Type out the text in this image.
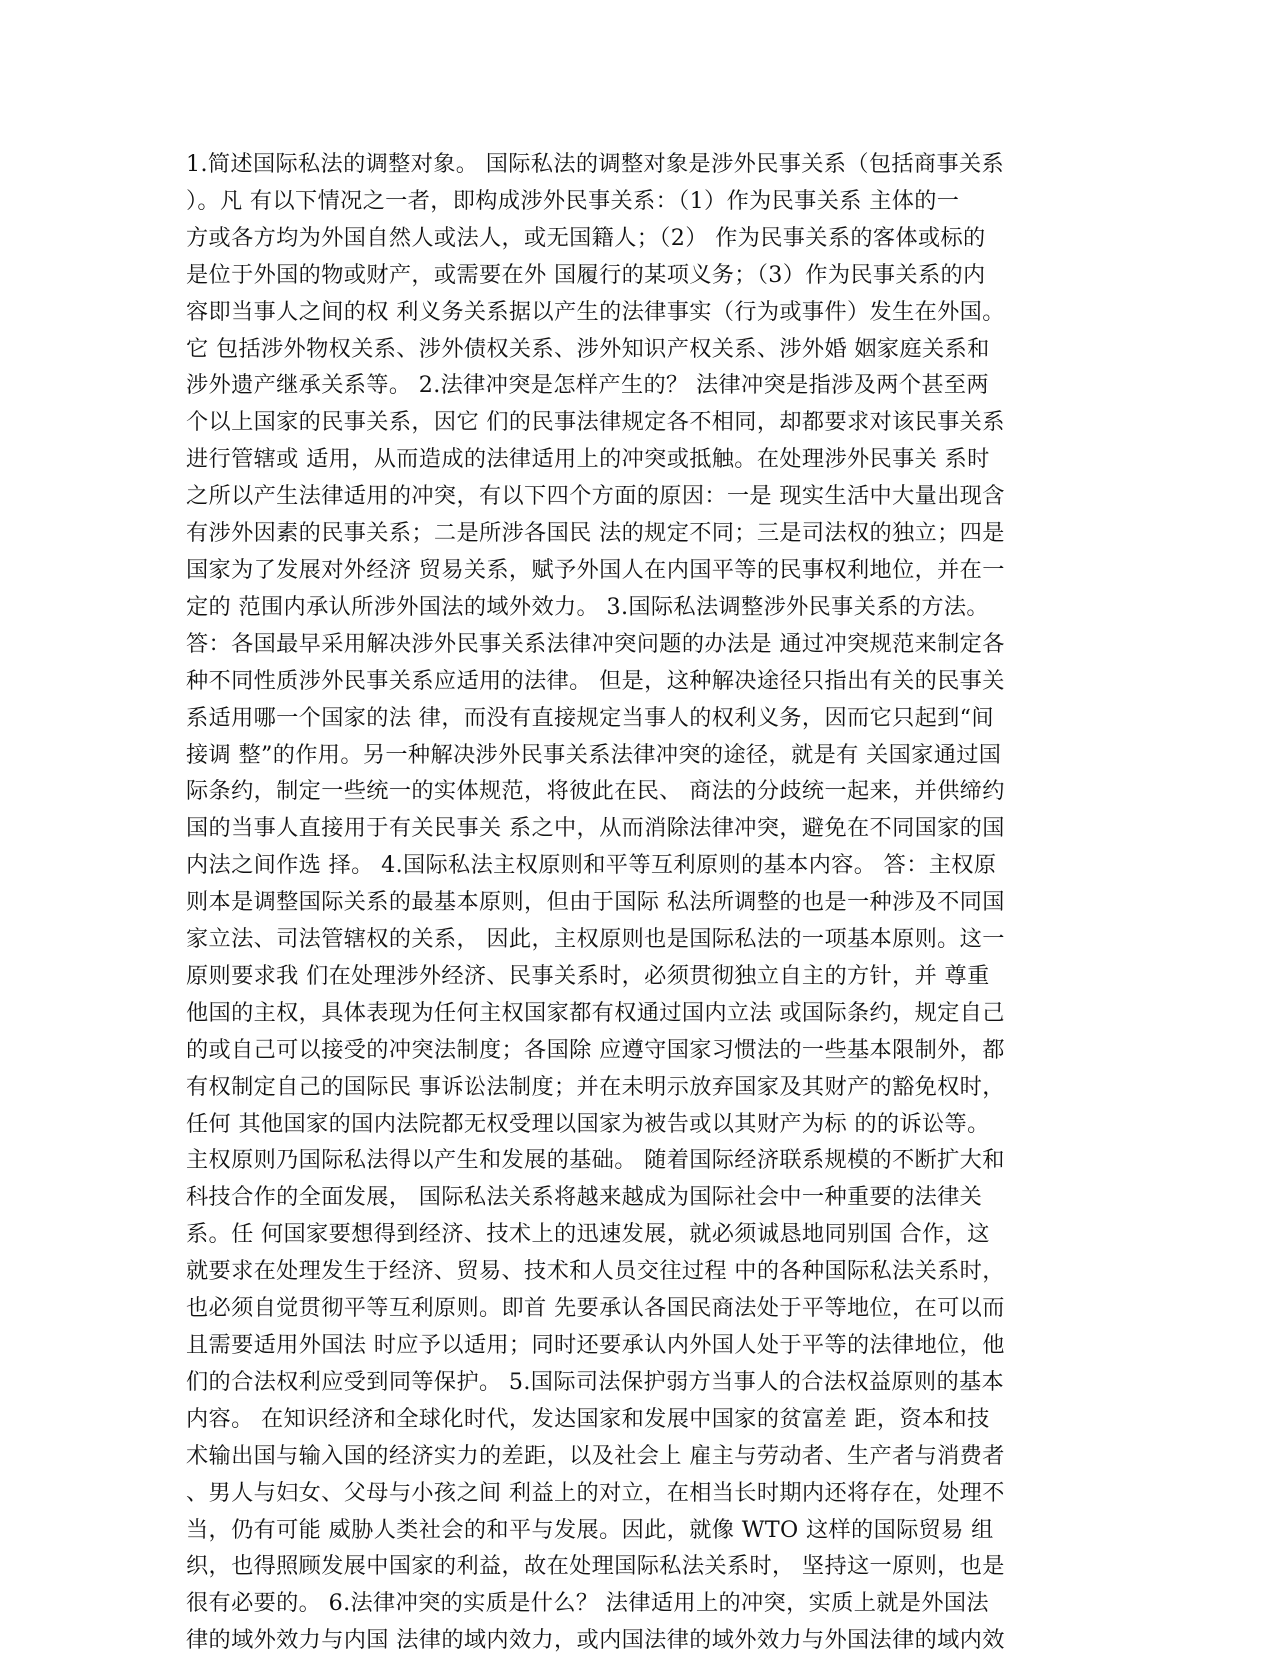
1.简述国际私法的调整对象。 国际私法的调整对象是涉外民事关系（包括商事关系
）。凡 有以下情况之一者，即构成涉外民事关系：（1）作为民事关系 主体的一
方或各方均为外国自然人或法人，或无国籍人；（2） 作为民事关系的客体或标的
是位于外国的物或财产，或需要在外 国履行的某项义务；（3）作为民事关系的内
容即当事人之间的权 利义务关系据以产生的法律事实（行为或事件）发生在外国。
它 包括涉外物权关系、涉外债权关系、涉外知识产权关系、涉外婚 姻家庭关系和
涉外遗产继承关系等。 2.法律冲突是怎样产生的？ 法律冲突是指涉及两个甚至两
个以上国家的民事关系，因它 们的民事法律规定各不相同，却都要求对该民事关系
进行管辖或 适用，从而造成的法律适用上的冲突或抵触。在处理涉外民事关 系时
之所以产生法律适用的冲突，有以下四个方面的原因：一是 现实生活中大量出现含
有涉外因素的民事关系；二是所涉各国民 法的规定不同；三是司法权的独立；四是
国家为了发展对外经济 贸易关系，赋予外国人在内国平等的民事权利地位，并在一
定的 范围内承认所涉外国法的域外效力。 3.国际私法调整涉外民事关系的方法。
答：各国最早采用解决涉外民事关系法律冲突问题的办法是 通过冲突规范来制定各
种不同性质涉外民事关系应适用的法律。 但是，这种解决途径只指出有关的民事关
系适用哪一个国家的法 律，而没有直接规定当事人的权利义务，因而它只起到“间
接调 整”的作用。另一种解决涉外民事关系法律冲突的途径，就是有 关国家通过国
际条约，制定一些统一的实体规范，将彼此在民、 商法的分歧统一起来，并供缔约
国的当事人直接用于有关民事关 系之中，从而消除法律冲突，避免在不同国家的国
内法之间作选 择。 4.国际私法主权原则和平等互利原则的基本内容。 答：主权原
则本是调整国际关系的最基本原则，但由于国际 私法所调整的也是一种涉及不同国
家立法、司法管辖权的关系， 因此，主权原则也是国际私法的一项基本原则。这一
原则要求我 们在处理涉外经济、民事关系时，必须贯彻独立自主的方针，并 尊重
他国的主权，具体表现为任何主权国家都有权通过国内立法 或国际条约，规定自己
的或自己可以接受的冲突法制度；各国除 应遵守国家习惯法的一些基本限制外，都
有权制定自己的国际民 事诉讼法制度；并在未明示放弃国家及其财产的豁免权时，
任何 其他国家的国内法院都无权受理以国家为被告或以其财产为标 的的诉讼等。
主权原则乃国际私法得以产生和发展的基础。 随着国际经济联系规模的不断扩大和
科技合作的全面发展， 国际私法关系将越来越成为国际社会中一种重要的法律关
系。任 何国家要想得到经济、技术上的迅速发展，就必须诚恳地同别国 合作，这
就要求在处理发生于经济、贸易、技术和人员交往过程 中的各种国际私法关系时，
也必须自觉贯彻平等互利原则。即首 先要承认各国民商法处于平等地位，在可以而
且需要适用外国法 时应予以适用；同时还要承认内外国人处于平等的法律地位，他
们的合法权利应受到同等保护。 5.国际司法保护弱方当事人的合法权益原则的基本
内容。 在知识经济和全球化时代，发达国家和发展中国家的贫富差 距，资本和技
术输出国与输入国的经济实力的差距，以及社会上 雇主与劳动者、生产者与消费者
、男人与妇女、父母与小孩之间 利益上的对立，在相当长时期内还将存在，处理不
当，仍有可能 威胁人类社会的和平与发展。因此，就像 WTO 这样的国际贸易 组
织，也得照顾发展中国家的利益，故在处理国际私法关系时， 坚持这一原则，也是
很有必要的。 6.法律冲突的实质是什么？ 法律适用上的冲突，实质上就是外国法
律的域外效力与内国 法律的域内效力，或内国法律的域外效力与外国法律的域内效
